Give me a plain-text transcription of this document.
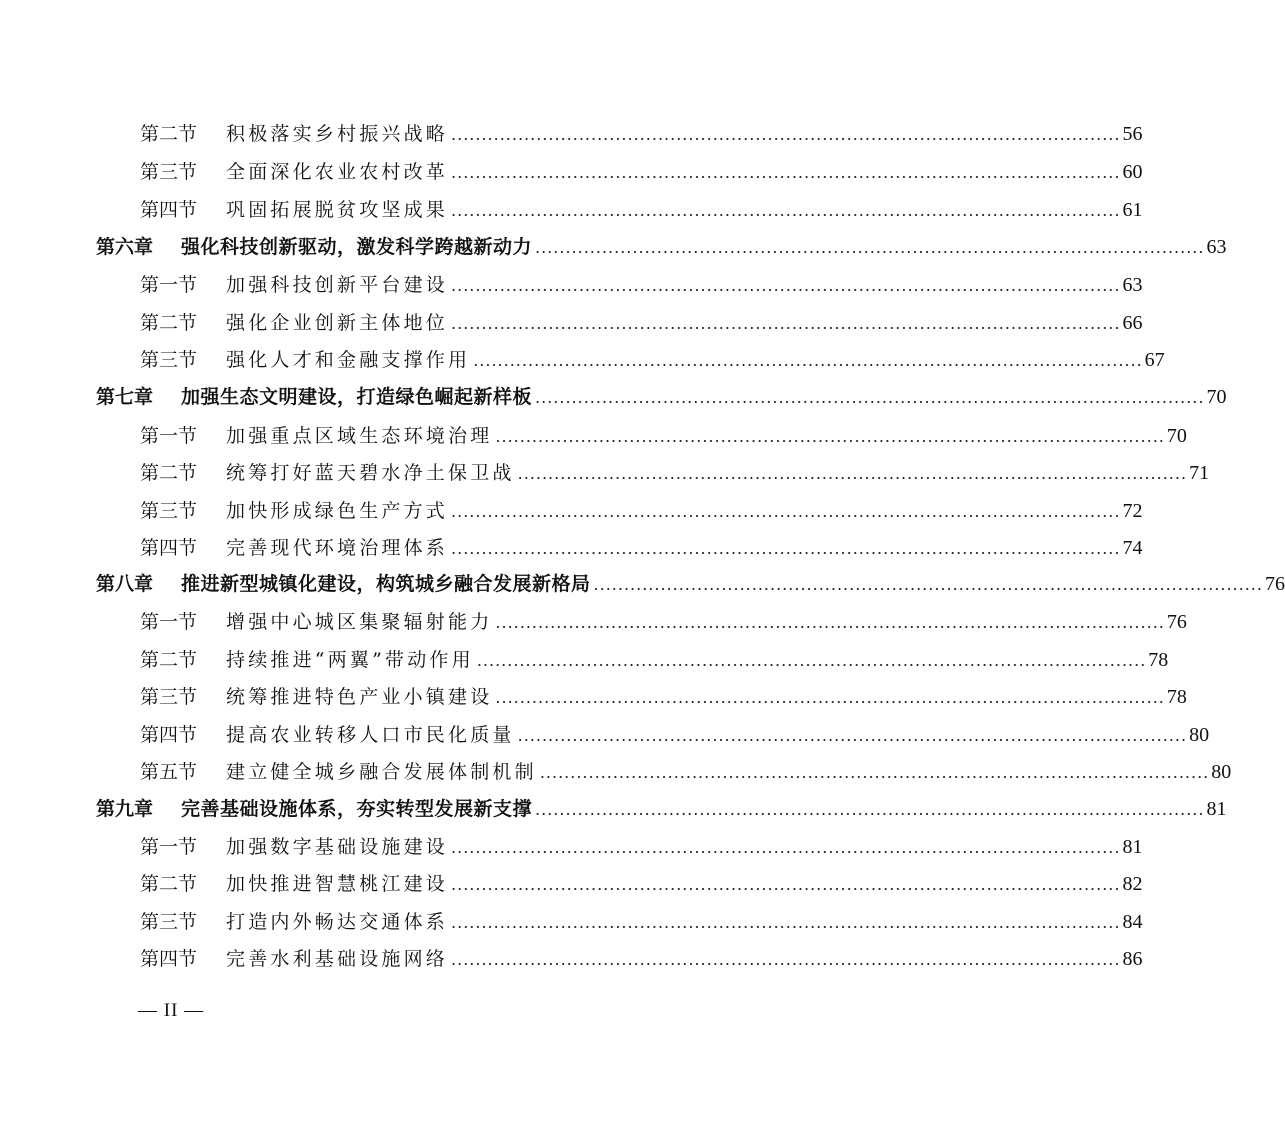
第二节	积极落实乡村振兴战略 .............................................................................................................. 56
第三节	全面深化农业农村改革 .............................................................................................................. 60
第四节	巩固拓展脱贫攻坚成果 .............................................................................................................. 61
第六章	强化科技创新驱动，激发科学跨越新动力 .............................................................................................................. 63
第一节	加强科技创新平台建设 .............................................................................................................. 63
第二节	强化企业创新主体地位 .............................................................................................................. 66
第三节	强化人才和金融支撑作用 .............................................................................................................. 67
第七章	加强生态文明建设，打造绿色崛起新样板 .............................................................................................................. 70
第一节	加强重点区域生态环境治理 .............................................................................................................. 70
第二节	统筹打好蓝天碧水净土保卫战 .............................................................................................................. 71
第三节	加快形成绿色生产方式 .............................................................................................................. 72
第四节	完善现代环境治理体系 .............................................................................................................. 74
第八章	推进新型城镇化建设，构筑城乡融合发展新格局 .............................................................................................................. 76
第一节	增强中心城区集聚辐射能力 .............................................................................................................. 76
第二节	持续推进“两翼”带动作用 .............................................................................................................. 78
第三节	统筹推进特色产业小镇建设 .............................................................................................................. 78
第四节	提高农业转移人口市民化质量 .............................................................................................................. 80
第五节	建立健全城乡融合发展体制机制 .............................................................................................................. 80
第九章	完善基础设施体系，夯实转型发展新支撑 .............................................................................................................. 81
第一节	加强数字基础设施建设 .............................................................................................................. 81
第二节	加快推进智慧桃江建设 .............................................................................................................. 82
第三节	打造内外畅达交通体系 .............................................................................................................. 84
第四节	完善水利基础设施网络 .............................................................................................................. 86
— II —
